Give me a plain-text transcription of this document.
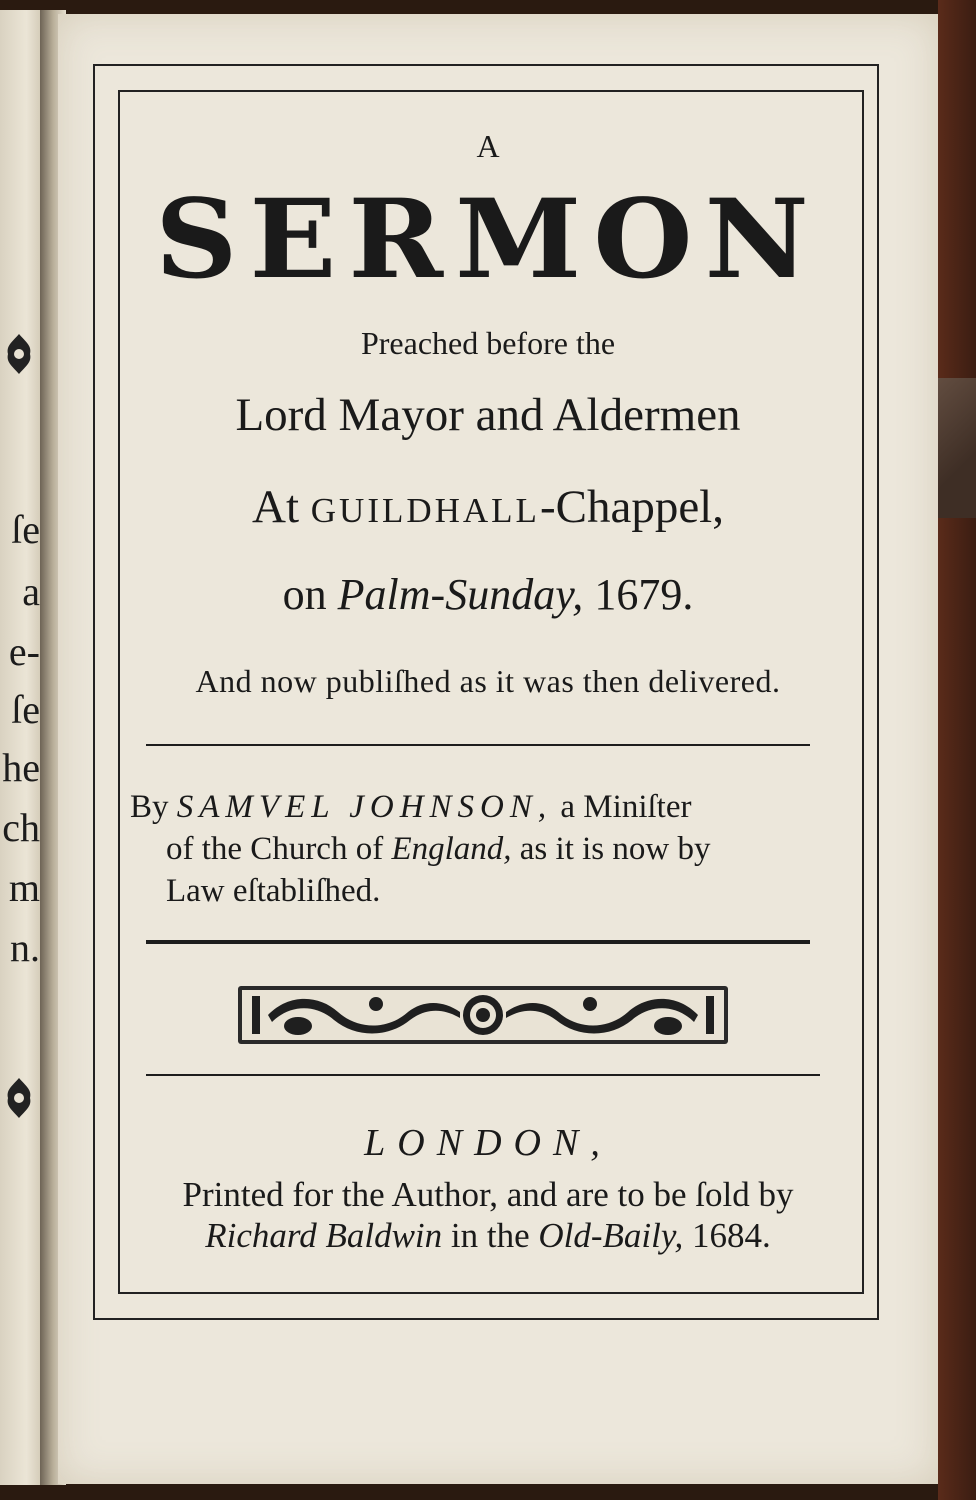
ſe
a
e-
ſe
he
ch
m
n.
A
SERMON
Preached before the
Lord Mayor and Aldermen
At GUILDHALL-Chappel,
on Palm-Sunday, 1679.
And now publiſhed as it was then delivered.
By SAMVEL JOHNSON, a Miniſter
of the Church of England, as it is now by
Law eſtabliſhed.
LONDON,
Printed for the Author, and are to be ſold by
Richard Baldwin in the Old-Baily, 1684.
